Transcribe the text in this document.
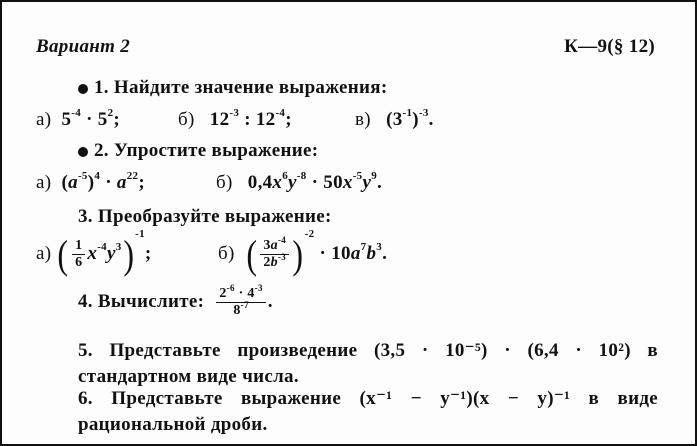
Вариант 2	К—9(§ 12)
1. Найдите значение выражения:
а)  $5^{-4} \cdot 5^2$;	б)   $12^{-3}$ : $12^{-4}$;	в)   $(3^{-1})^{-3}$.
2. Упростите выражение:
а)  $(a^{-5})^4 \cdot a^{22}$;	б)   $0,4x^6y^{-8} \cdot 50x^{-5}y^9$.
3. Преобразуйте выражение:
а) ( $\frac{1}{6} x^{-4}y^3)^{-1}$;	б) ( $\frac{3a^{-4}}{2b^{-3}} )^{-2} \cdot 10a^7b^3$.
4. Вычислите: $\frac{2^{-6} \cdot 4^{-3}}{8^{-7}}$ .
5. Представьте произведение (3,5 · 10⁻⁵) · (6,4 · 10²) в стандартном виде числа.
6. Представьте выражение (x⁻¹ − y⁻¹)(x − y)⁻¹ в виде рациональной дроби.
